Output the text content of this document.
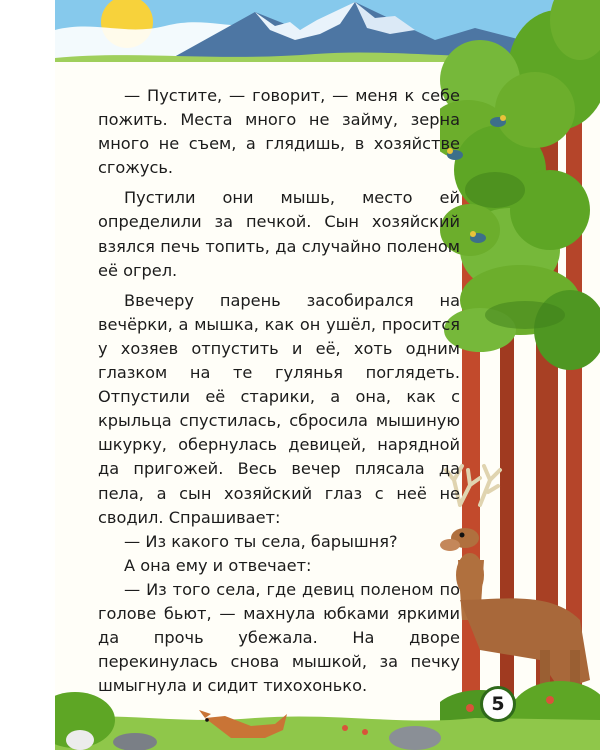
— Пустите, — говорит, — меня к себе пожить. Места много не займу, зерна много не съем, а глядишь, в хозяйстве сгожусь.

Пустили они мышь, место ей определили за печкой. Сын хозяйский взялся печь топить, да случайно поленом её огрел.

Ввечеру парень засобирался на вечёрки, а мышка, как он ушёл, просится у хозяев отпустить и её, хоть одним глазком на те гулянья поглядеть. Отпустили её старики, а она, как с крыльца спустилась, сбросила мышиную шкурку, обернулась девицей, нарядной да пригожей. Весь вечер плясала да пела, а сын хозяйский глаз с неё не сводил. Спрашивает:

— Из какого ты села, барышня?

А она ему и отвечает:

— Из того села, где девиц поленом по голове бьют, — махнула юбками яркими да прочь убежала. На дворе перекинулась снова мышкой, за печку шмыгнула и сидит тихохонько.

5
